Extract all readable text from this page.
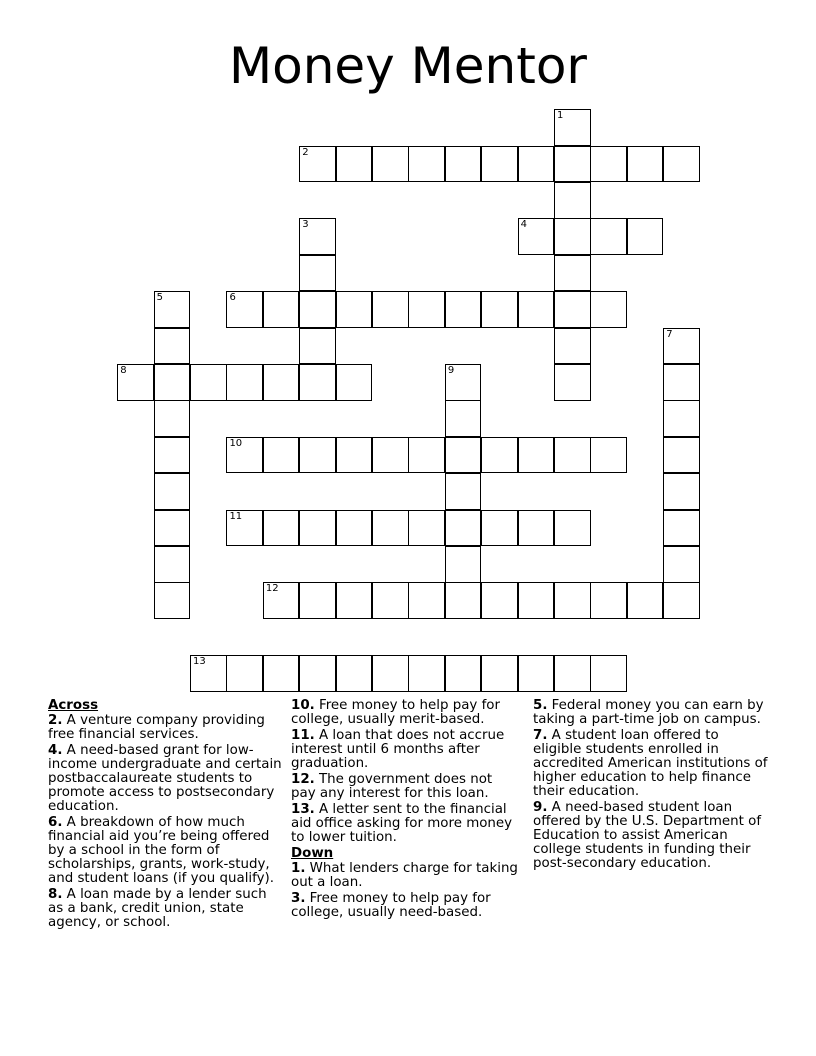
Money Mentor
1
2
3	4
5	6
7
8	9
10
11
12
13
Across
2. A venture company providing free financial services.
4. A need-based grant for low-income undergraduate and certain postbaccalaureate students to promote access to postsecondary education.
6. A breakdown of how much financial aid you’re being offered by a school in the form of scholarships, grants, work-study, and student loans (if you qualify).
8. A loan made by a lender such as a bank, credit union, state agency, or school.
10. Free money to help pay for college, usually merit-based.
11. A loan that does not accrue interest until 6 months after graduation.
12. The government does not pay any interest for this loan.
13. A letter sent to the financial aid office asking for more money to lower tuition.
Down
1. What lenders charge for taking out a loan.
3. Free money to help pay for college, usually need-based.
5. Federal money you can earn by taking a part-time job on campus.
7. A student loan offered to eligible students enrolled in accredited American institutions of higher education to help finance their education.
9. A need-based student loan offered by the U.S. Department of Education to assist American college students in funding their post-secondary education.
